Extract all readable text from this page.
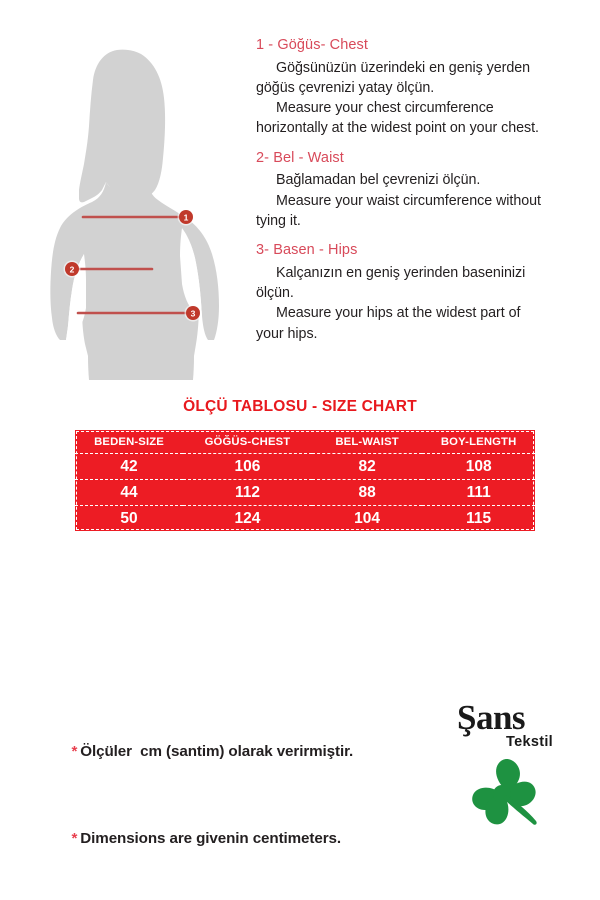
1
2
3

1 - Göğüs- Chest

Göğsünüzün üzerindeki en geniş yerden

göğüs çevrenizi yatay ölçün.

Measure your chest circumference

horizontally at the widest point on your chest.

2- Bel - Waist

Bağlamadan bel çevrenizi ölçün.

Measure your waist circumference without

tying it.

3- Basen - Hips

Kalçanızın en geniş yerinden baseninizi

ölçün.

Measure your hips at the widest part of

your hips.

ÖLÇÜ TABLOSU - SIZE CHART
BEDEN-SIZE	GÖĞÜS-CHEST	BEL-WAIST	BOY-LENGTH
42	106	82	108
44	112	88	111
50	124	104	115

* Ölçüler  cm (santim) olarak verirmiştir.

* Dimensions are givenin centimeters.

Şans
Tekstil
